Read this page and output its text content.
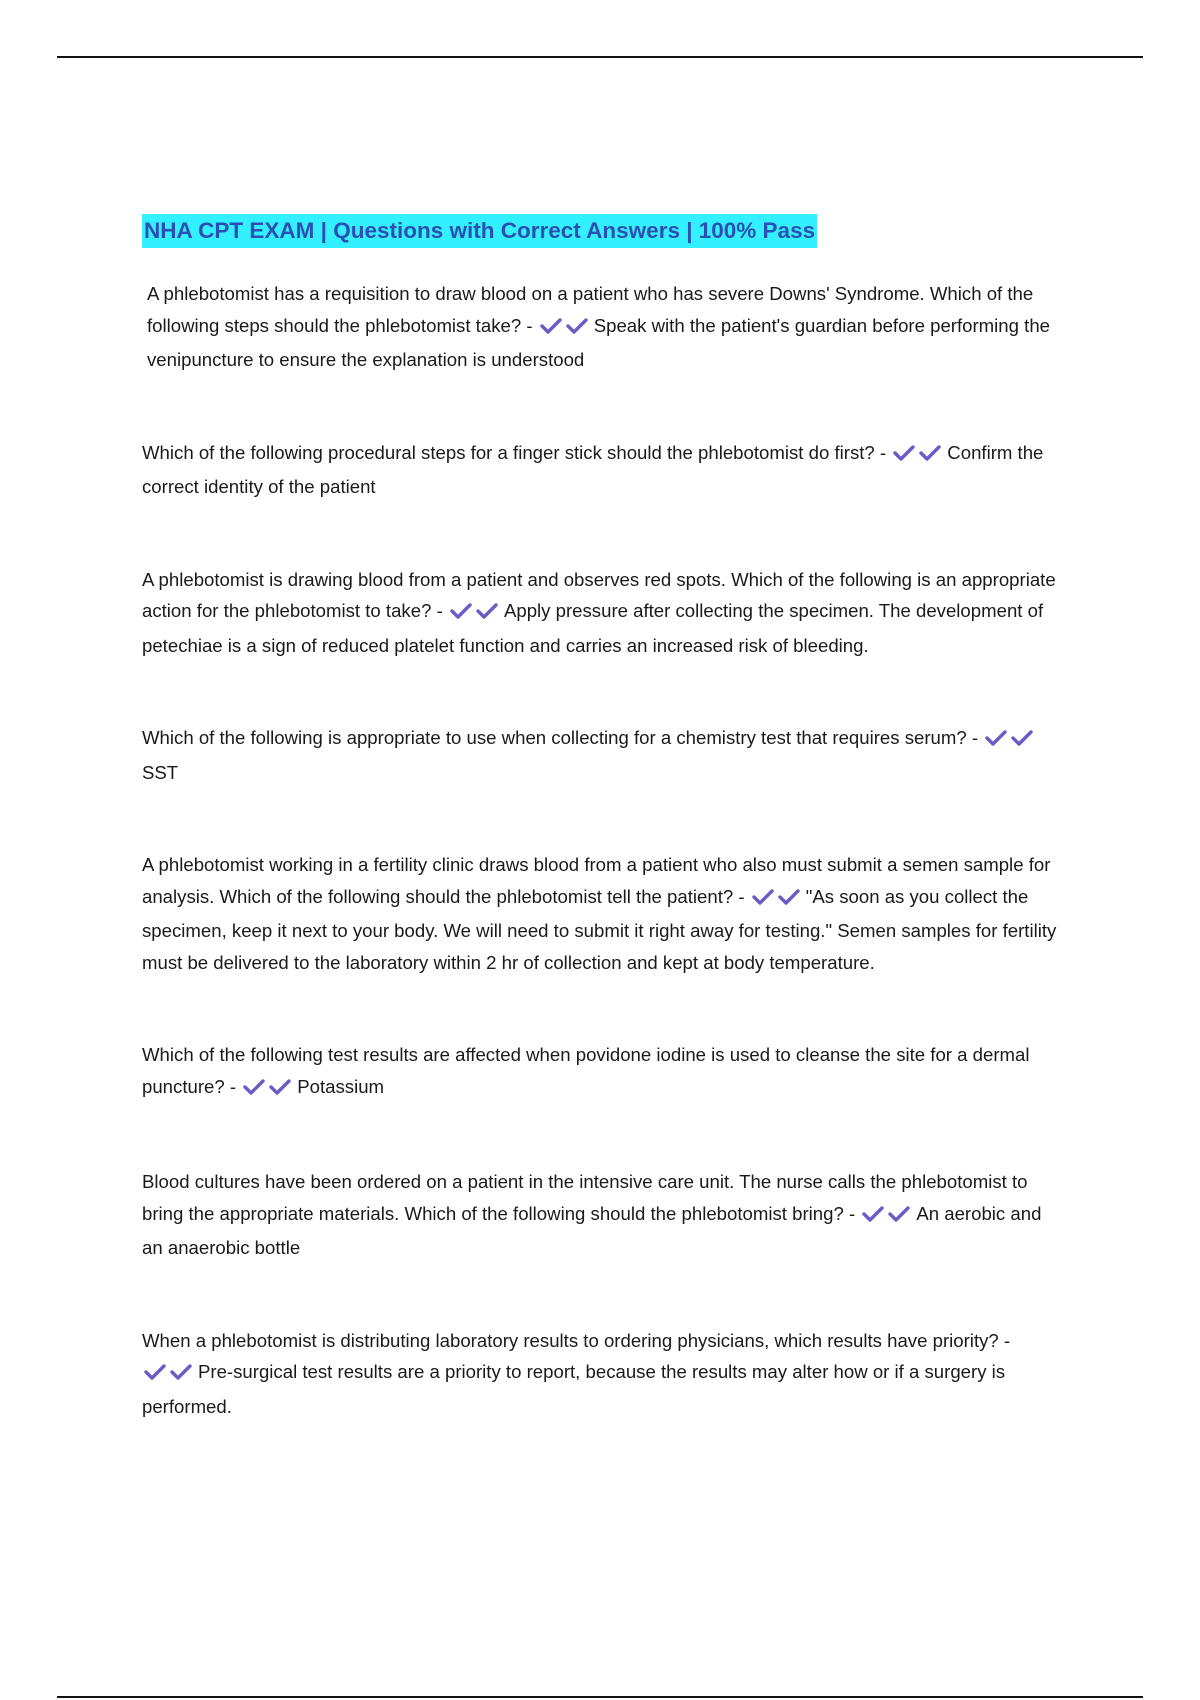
NHA CPT EXAM | Questions with Correct Answers | 100% Pass

A phlebotomist has a requisition to draw blood on a patient who has severe Downs' Syndrome. Which of the following steps should the phlebotomist take? -	Speak with the patient's guardian before performing the venipuncture to ensure the explanation is understood

Which of the following procedural steps for a finger stick should the phlebotomist do first? -	Confirm the correct identity of the patient

A phlebotomist is drawing blood from a patient and observes red spots. Which of the following is an appropriate action for the phlebotomist to take? -	Apply pressure after collecting the specimen. The development of petechiae is a sign of reduced platelet function and carries an increased risk of bleeding.

Which of the following is appropriate to use when collecting for a chemistry test that requires serum? - SST

A phlebotomist working in a fertility clinic draws blood from a patient who also must submit a semen sample for analysis. Which of the following should the phlebotomist tell the patient? -	"As soon as you collect the specimen, keep it next to your body. We will need to submit it right away for testing." Semen samples for fertility must be delivered to the laboratory within 2 hr of collection and kept at body temperature.

Which of the following test results are affected when povidone iodine is used to cleanse the site for a dermal puncture? -	Potassium

Blood cultures have been ordered on a patient in the intensive care unit. The nurse calls the phlebotomist to bring the appropriate materials. Which of the following should the phlebotomist bring? -	An aerobic and an anaerobic bottle

When a phlebotomist is distributing laboratory results to ordering physicians, which results have priority? - Pre-surgical test results are a priority to report, because the results may alter how or if a surgery is performed.
